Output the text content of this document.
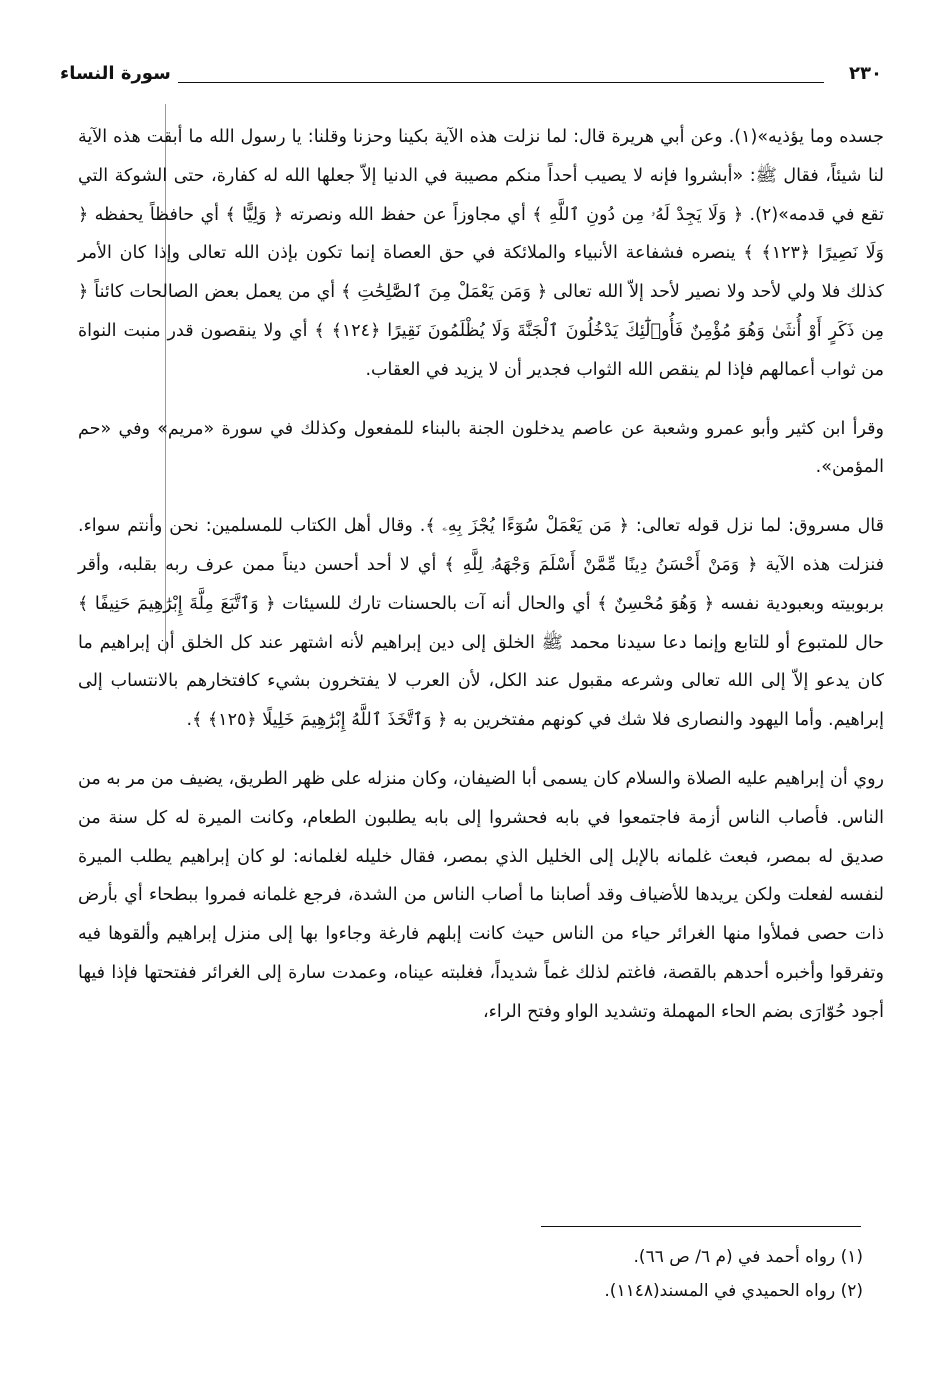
٢٣٠
سورة النساء

جسده وما يؤذيه»(١). وعن أبي هريرة قال: لما نزلت هذه الآية بكينا وحزنا وقلنا: يا رسول الله ما أبقت هذه الآية لنا شيئاً، فقال ﷺ: «أبشروا فإنه لا يصيب أحداً منكم مصيبة في الدنيا إلاّ جعلها الله له كفارة، حتى الشوكة التي تقع في قدمه»(٢). ﴿ وَلَا يَجِدْ لَهُۥ مِن دُونِ ٱللَّهِ ﴾ أي مجاوزاً عن حفظ الله ونصرته ﴿ وَلِيًّا ﴾ أي حافظاً يحفظه ﴿ وَلَا نَصِيرًا ﴿١٢٣﴾ ﴾ ينصره فشفاعة الأنبياء والملائكة في حق العصاة إنما تكون بإذن الله تعالى وإذا كان الأمر كذلك فلا ولي لأحد ولا نصير لأحد إلاّ الله تعالى ﴿ وَمَن يَعْمَلْ مِنَ ٱلصَّٰلِحَٰتِ ﴾ أي من يعمل بعض الصالحات كائناً ﴿ مِن ذَكَرٍ أَوْ أُنثَىٰ وَهُوَ مُؤْمِنٌ فَأُو۟لَٰٓئِكَ يَدْخُلُونَ ٱلْجَنَّةَ وَلَا يُظْلَمُونَ نَقِيرًا ﴿١٢٤﴾ ﴾ أي ولا ينقصون قدر منبت النواة من ثواب أعمالهم فإذا لم ينقص الله الثواب فجدير أن لا يزيد في العقاب.

وقرأ ابن كثير وأبو عمرو وشعبة عن عاصم يدخلون الجنة بالبناء للمفعول وكذلك في سورة «مريم» وفي «حم المؤمن».

قال مسروق: لما نزل قوله تعالى: ﴿ مَن يَعْمَلْ سُوٓءًا يُجْزَ بِهِۦ ﴾. وقال أهل الكتاب للمسلمين: نحن وأنتم سواء. فنزلت هذه الآية ﴿ وَمَنْ أَحْسَنُ دِينًا مِّمَّنْ أَسْلَمَ وَجْهَهُۥ لِلَّهِ ﴾ أي لا أحد أحسن ديناً ممن عرف ربه بقلبه، وأقر بربوبيته وبعبودية نفسه ﴿ وَهُوَ مُحْسِنٌ ﴾ أي والحال أنه آت بالحسنات تارك للسيئات ﴿ وَٱتَّبَعَ مِلَّةَ إِبْرَٰهِيمَ حَنِيفًا ﴾ حال للمتبوع أو للتابع وإنما دعا سيدنا محمد ﷺ الخلق إلى دين إبراهيم لأنه اشتهر عند كل الخلق أن إبراهيم ما كان يدعو إلاّ إلى الله تعالى وشرعه مقبول عند الكل، لأن العرب لا يفتخرون بشيء كافتخارهم بالانتساب إلى إبراهيم. وأما اليهود والنصارى فلا شك في كونهم مفتخرين به ﴿ وَٱتَّخَذَ ٱللَّهُ إِبْرَٰهِيمَ خَلِيلًا ﴿١٢٥﴾ ﴾.

روي أن إبراهيم عليه الصلاة والسلام كان يسمى أبا الضيفان، وكان منزله على ظهر الطريق، يضيف من مر به من الناس. فأصاب الناس أزمة فاجتمعوا في بابه فحشروا إلى بابه يطلبون الطعام، وكانت الميرة له كل سنة من صديق له بمصر، فبعث غلمانه بالإبل إلى الخليل الذي بمصر، فقال خليله لغلمانه: لو كان إبراهيم يطلب الميرة لنفسه لفعلت ولكن يريدها للأضياف وقد أصابنا ما أصاب الناس من الشدة، فرجع غلمانه فمروا ببطحاء أي بأرض ذات حصى فملأوا منها الغرائر حياء من الناس حيث كانت إبلهم فارغة وجاءوا بها إلى منزل إبراهيم وألقوها فيه وتفرقوا وأخبره أحدهم بالقصة، فاغتم لذلك غماً شديداً، فغلبته عيناه، وعمدت سارة إلى الغرائر ففتحتها فإذا فيها أجود حُوّارَى بضم الحاء المهملة وتشديد الواو وفتح الراء،

(١) رواه أحمد في (م ٦/ ص ٦٦).

(٢) رواه الحميدي في المسند(١١٤٨).
